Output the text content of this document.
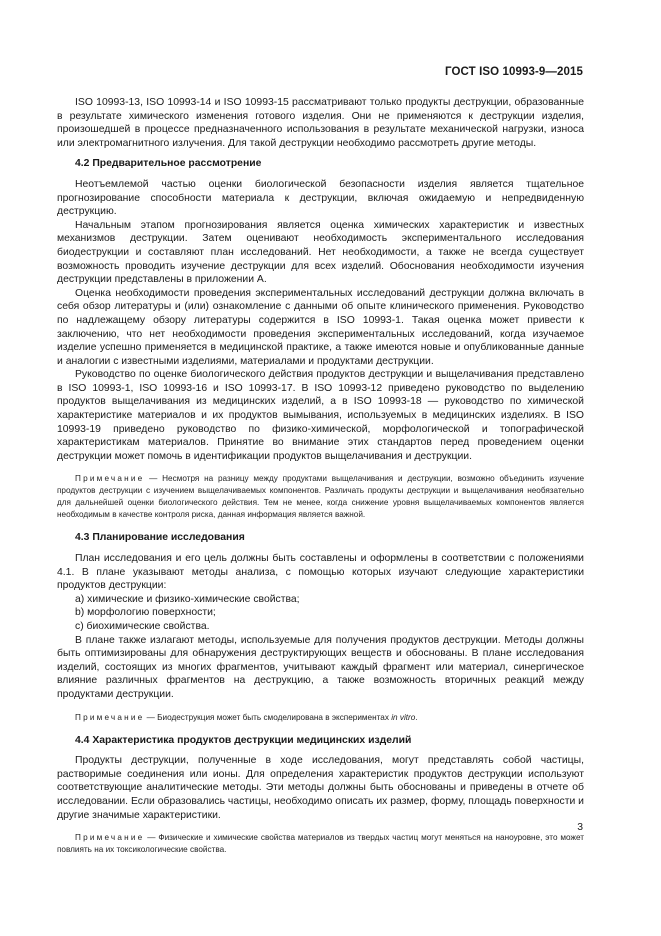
ГОСТ ISO 10993-9—2015

ISO 10993-13, ISO 10993-14 и ISO 10993-15 рассматривают только продукты деструкции, образованные в результате химического изменения готового изделия. Они не применяются к деструкции изделия, произошедшей в процессе предназначенного использования в результате механической нагрузки, износа или электромагнитного излучения. Для такой деструкции необходимо рассмотреть другие методы.

4.2 Предварительное рассмотрение

Неотъемлемой частью оценки биологической безопасности изделия является тщательное прогнозирование способности материала к деструкции, включая ожидаемую и непредвиденную деструкцию.

Начальным этапом прогнозирования является оценка химических характеристик и известных механизмов деструкции. Затем оценивают необходимость экспериментального исследования биодеструкции и составляют план исследований. Нет необходимости, а также не всегда существует возможность проводить изучение деструкции для всех изделий. Обоснования необходимости изучения деструкции представлены в приложении А.

Оценка необходимости проведения экспериментальных исследований деструкции должна включать в себя обзор литературы и (или) ознакомление с данными об опыте клинического применения. Руководство по надлежащему обзору литературы содержится в ISO 10993-1. Такая оценка может привести к заключению, что нет необходимости проведения экспериментальных исследований, когда изучаемое изделие успешно применяется в медицинской практике, а также имеются новые и опубликованные данные и аналогии с известными изделиями, материалами и продуктами деструкции.

Руководство по оценке биологического действия продуктов деструкции и выщелачивания представлено в ISO 10993-1, ISO 10993-16 и ISO 10993-17. В ISO 10993-12 приведено руководство по выделению продуктов выщелачивания из медицинских изделий, а в ISO 10993-18 — руководство по химической характеристике материалов и их продуктов вымывания, используемых в медицинских изделиях. В ISO 10993-19 приведено руководство по физико-химической, морфологической и топографической характеристикам материалов. Принятие во внимание этих стандартов перед проведением оценки деструкции может помочь в идентификации продуктов выщелачивания и деструкции.

Примечание — Несмотря на разницу между продуктами выщелачивания и деструкции, возможно объединить изучение продуктов деструкции с изучением выщелачиваемых компонентов. Различать продукты деструкции и выщелачивания необязательно для дальнейшей оценки биологического действия. Тем не менее, когда снижение уровня выщелачиваемых компонентов является необходимым в качестве контроля риска, данная информация является важной.

4.3 Планирование исследования

План исследования и его цель должны быть составлены и оформлены в соответствии с положениями 4.1. В плане указывают методы анализа, с помощью которых изучают следующие характеристики продуктов деструкции:

a) химические и физико-химические свойства;
b) морфологию поверхности;
c) биохимические свойства.

В плане также излагают методы, используемые для получения продуктов деструкции. Методы должны быть оптимизированы для обнаружения деструктирующих веществ и обоснованы. В плане исследования изделий, состоящих из многих фрагментов, учитывают каждый фрагмент или материал, синергическое влияние различных фрагментов на деструкцию, а также возможность вторичных реакций между продуктами деструкции.

Примечание — Биодеструкция может быть смоделирована в экспериментах in vitro.

4.4 Характеристика продуктов деструкции медицинских изделий

Продукты деструкции, полученные в ходе исследования, могут представлять собой частицы, растворимые соединения или ионы. Для определения характеристик продуктов деструкции используют соответствующие аналитические методы. Эти методы должны быть обоснованы и приведены в отчете об исследовании. Если образовались частицы, необходимо описать их размер, форму, площадь поверхности и другие значимые характеристики.

Примечание — Физические и химические свойства материалов из твердых частиц могут меняться на наноуровне, это может повлиять на их токсикологические свойства.

3
